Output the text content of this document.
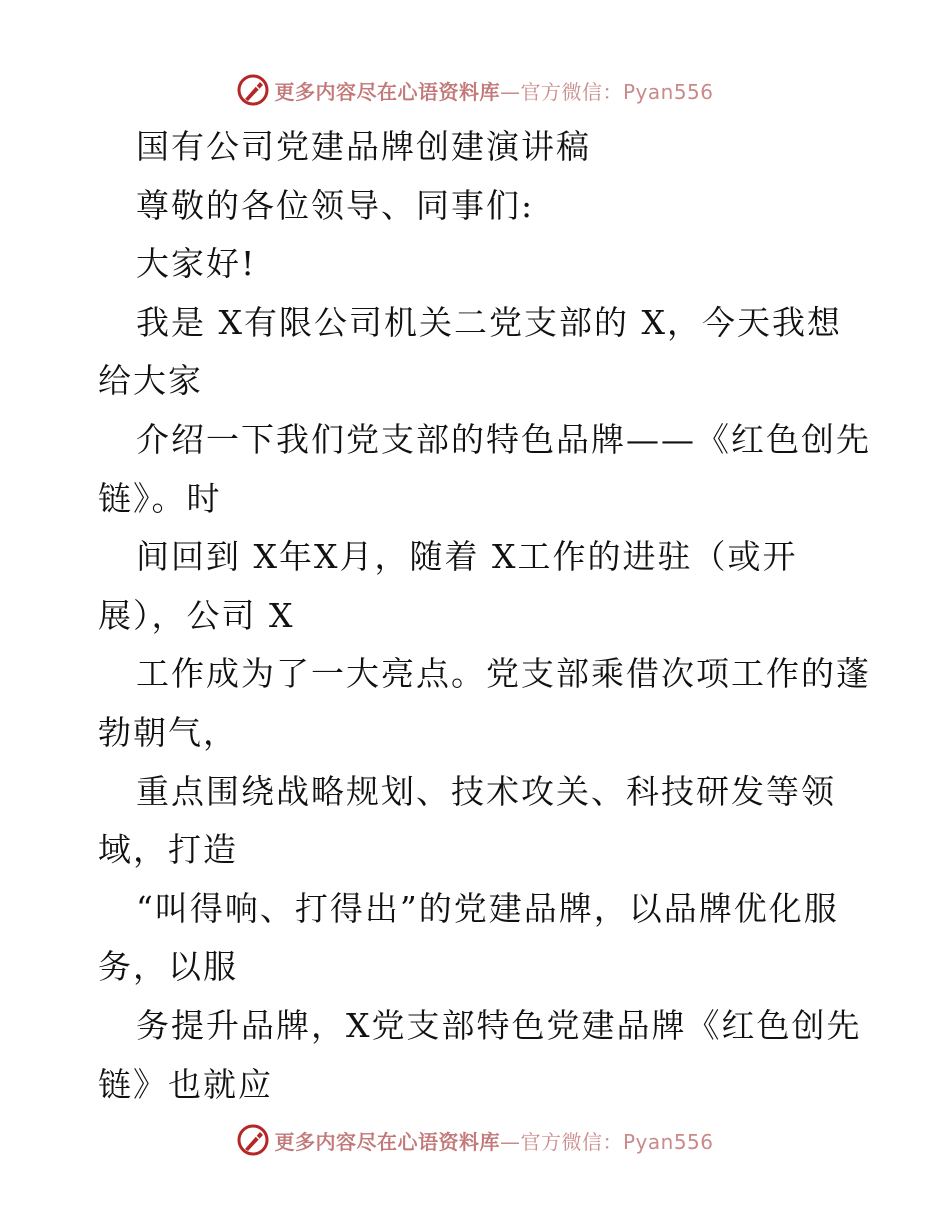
更多内容尽在心语资料库—官方微信：Pyan556
国有公司党建品牌创建演讲稿
尊敬的各位领导、同事们:
大家好!
我是 X有限公司机关二党支部的 X，今天我想
给大家
介绍一下我们党支部的特色品牌——《红色创先
链》。时
间回到 X年X月，随着 X工作的进驻（或开
展），公司 X
工作成为了一大亮点。党支部乘借次项工作的蓬
勃朝气，
重点围绕战略规划、技术攻关、科技研发等领
域，打造
“叫得响、打得出”的党建品牌，以品牌优化服
务，以服
务提升品牌，X党支部特色党建品牌《红色创先
链》也就应
更多内容尽在心语资料库—官方微信：Pyan556
